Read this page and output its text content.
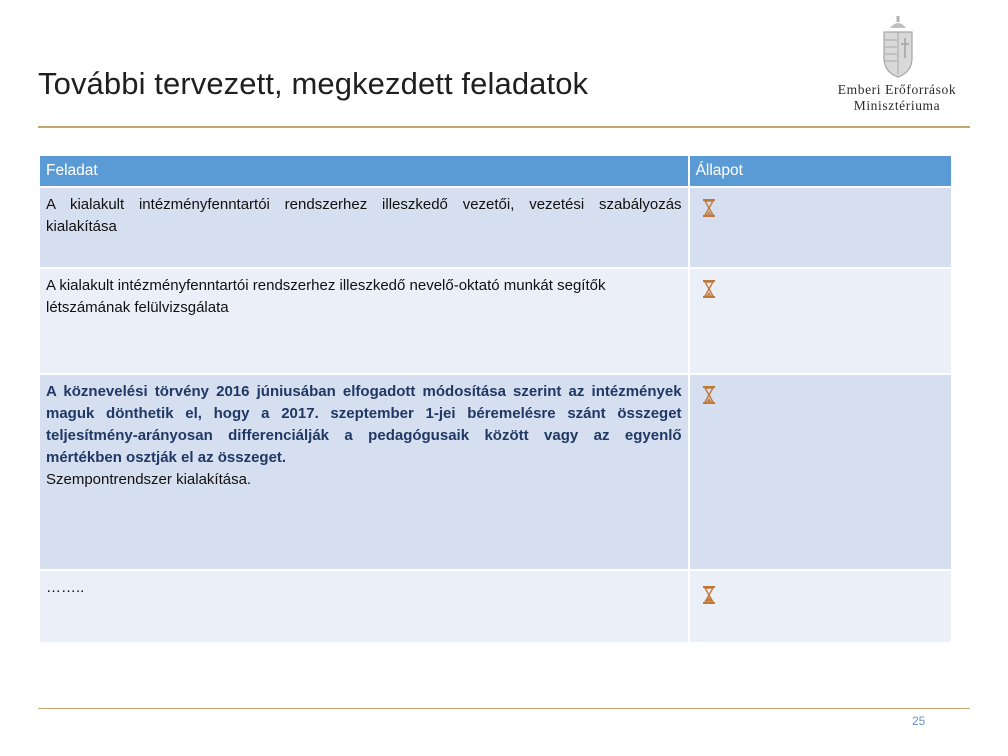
További tervezett, megkezdett feladatok	Emberi Erőforrások
Minisztériuma
Feladat	Állapot
A kialakult intézményfenntartói rendszerhez illeszkedő vezetői, vezetési szabályozás kialakítása	
A kialakult intézményfenntartói rendszerhez illeszkedő nevelő-oktató munkát segítők létszámának felülvizsgálata	
A köznevelési törvény 2016 júniusában elfogadott módosítása szerint az intézmények maguk dönthetik el, hogy a 2017. szeptember 1-jei béremelésre szánt összeget teljesítmény-arányosan differenciálják a pedagógusaik között vagy az egyenlő mértékben osztják el az összeget.
Szempontrendszer kialakítása.	
……..	
25
